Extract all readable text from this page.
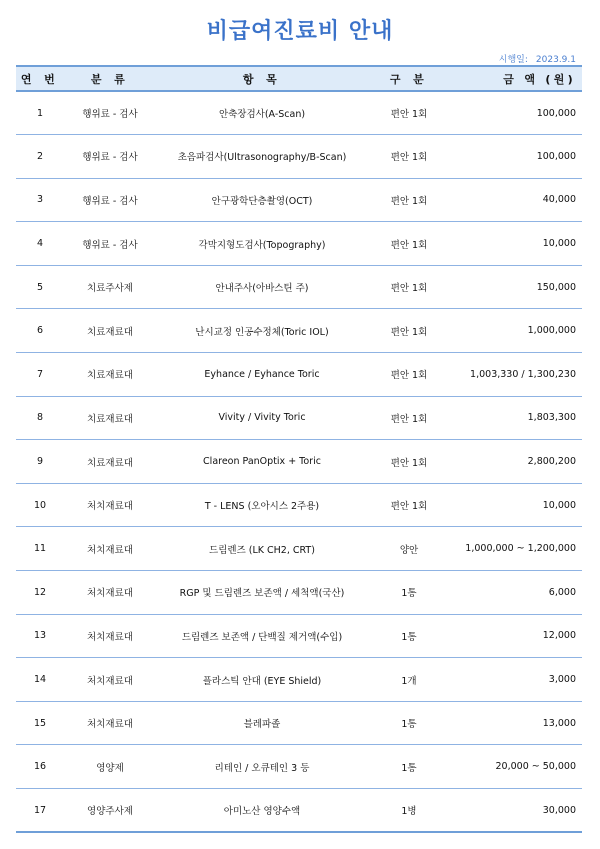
비급여진료비 안내
시행일: 2023.9.1
연 번	분 류	항 목	구 분	금 액 (원)
1	행위료 - 검사	안축장검사(A-Scan)	편안 1회	100,000
2	행위료 - 검사	초음파검사(Ultrasonography/B-Scan)	편안 1회	100,000
3	행위료 - 검사	안구광학단층촬영(OCT)	편안 1회	40,000
4	행위료 - 검사	각막지형도검사(Topography)	편안 1회	10,000
5	치료주사제	안내주사(아바스틴 주)	편안 1회	150,000
6	치료재료대	난시교정 인공수정체(Toric IOL)	편안 1회	1,000,000
7	치료재료대	Eyhance / Eyhance Toric	편안 1회	1,003,330 / 1,300,230
8	치료재료대	Vivity / Vivity Toric	편안 1회	1,803,300
9	치료재료대	Clareon PanOptix + Toric	편안 1회	2,800,200
10	처치재료대	T - LENS (오아시스 2주용)	편안 1회	10,000
11	처치재료대	드림렌즈 (LK CH2, CRT)	양안	1,000,000 ~ 1,200,000
12	처치재료대	RGP 및 드림렌즈 보존액 / 세척액(국산)	1통	6,000
13	처치재료대	드림렌즈 보존액 / 단백질 제거액(수입)	1통	12,000
14	처치재료대	플라스틱 안대 (EYE Shield)	1개	3,000
15	처치재료대	블레파졸	1통	13,000
16	영양제	리테인 / 오큐테인 3 등	1통	20,000 ~ 50,000
17	영양주사제	아미노산 영양수액	1병	30,000
